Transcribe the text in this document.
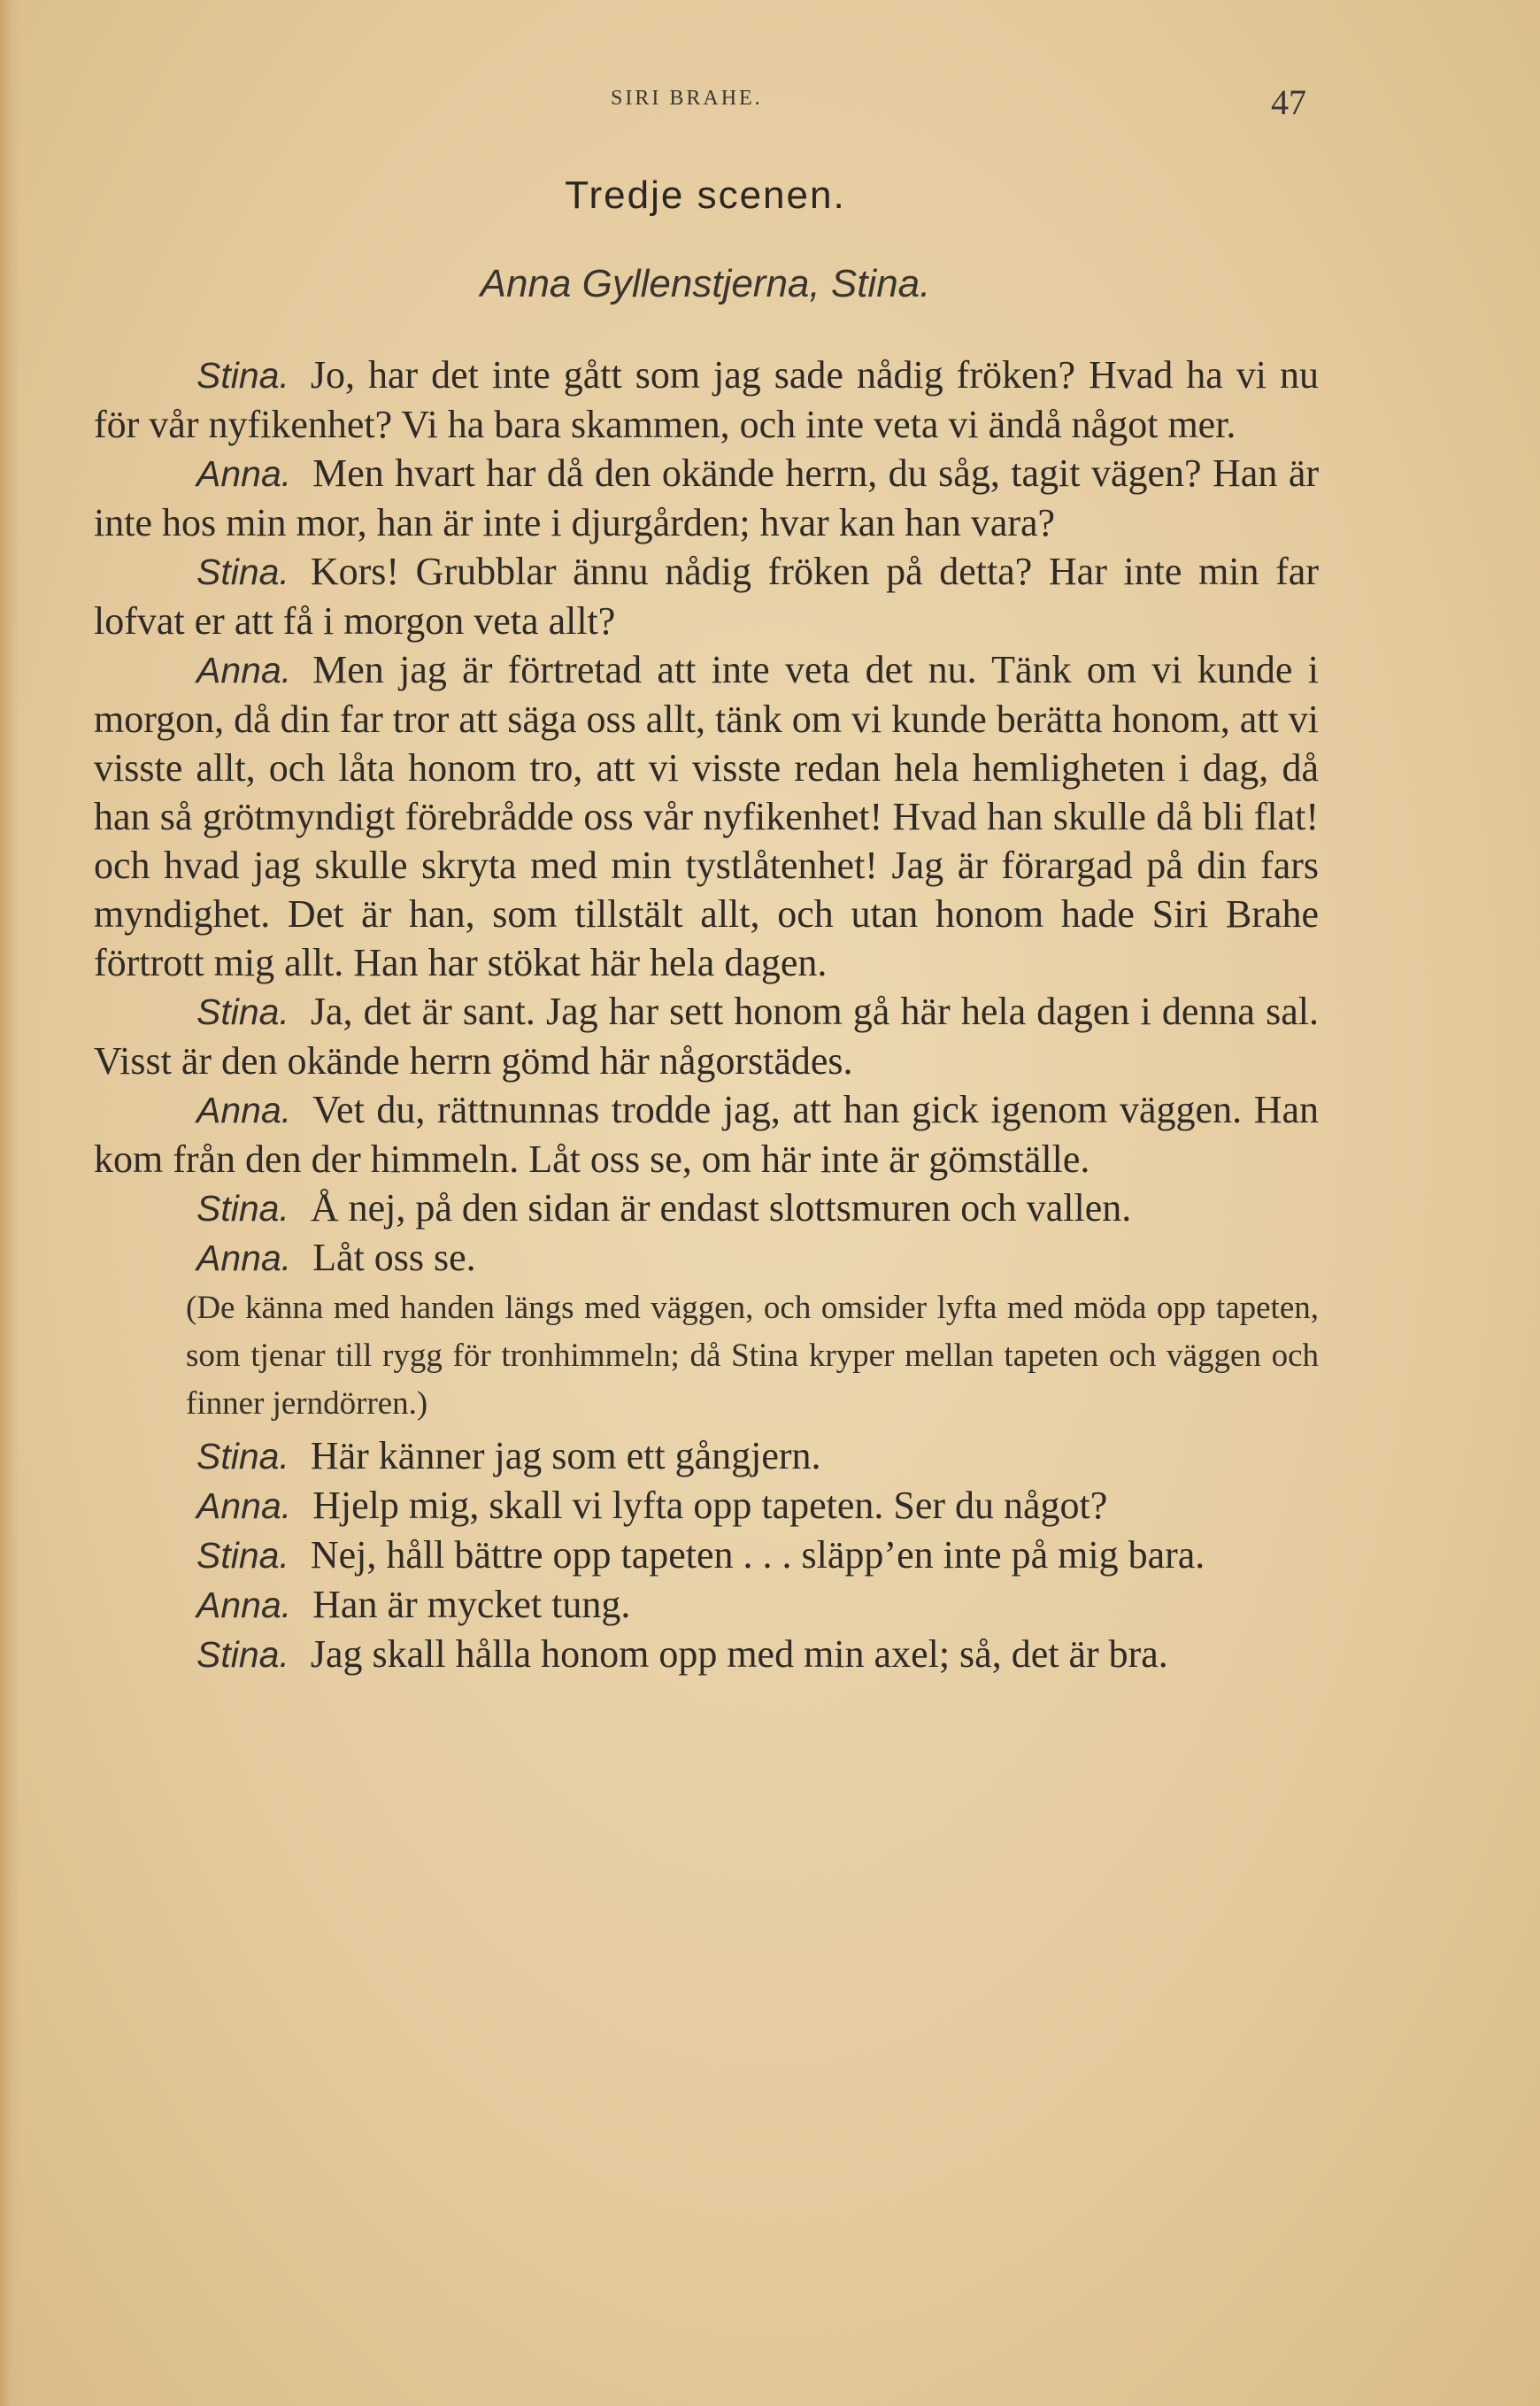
SIRI BRAHE.	47
Tredje scenen.
Anna Gyllenstjerna, Stina.

Stina. Jo, har det inte gått som jag sade nådig fröken? Hvad ha vi nu för vår nyfikenhet? Vi ha bara skammen, och inte veta vi ändå något mer.

Anna. Men hvart har då den okände herrn, du såg, tagit vägen? Han är inte hos min mor, han är inte i djurgården; hvar kan han vara?

Stina. Kors! Grubblar ännu nådig fröken på detta? Har inte min far lofvat er att få i morgon veta allt?

Anna. Men jag är förtretad att inte veta det nu. Tänk om vi kunde i morgon, då din far tror att säga oss allt, tänk om vi kunde berätta honom, att vi visste allt, och låta honom tro, att vi visste redan hela hemligheten i dag, då han så grötmyndigt förebrådde oss vår nyfikenhet! Hvad han skulle då bli flat! och hvad jag skulle skryta med min tystlåtenhet! Jag är förargad på din fars myndighet. Det är han, som tillstält allt, och utan honom hade Siri Brahe förtrott mig allt. Han har stökat här hela dagen.

Stina. Ja, det är sant. Jag har sett honom gå här hela dagen i denna sal. Visst är den okände herrn gömd här någorstädes.

Anna. Vet du, rättnunnas trodde jag, att han gick igenom väggen. Han kom från den der himmeln. Låt oss se, om här inte är gömställe.

Stina. Å nej, på den sidan är endast slottsmuren och vallen.

Anna. Låt oss se.

(De känna med handen längs med väggen, och omsider lyfta med möda opp tapeten, som tjenar till rygg för tronhimmeln; då Stina kryper mellan tapeten och väggen och finner jerndörren.)

Stina. Här känner jag som ett gångjern.

Anna. Hjelp mig, skall vi lyfta opp tapeten. Ser du något?

Stina. Nej, håll bättre opp tapeten . . . släpp’en inte på mig bara.

Anna. Han är mycket tung.

Stina. Jag skall hålla honom opp med min axel; så, det är bra.
